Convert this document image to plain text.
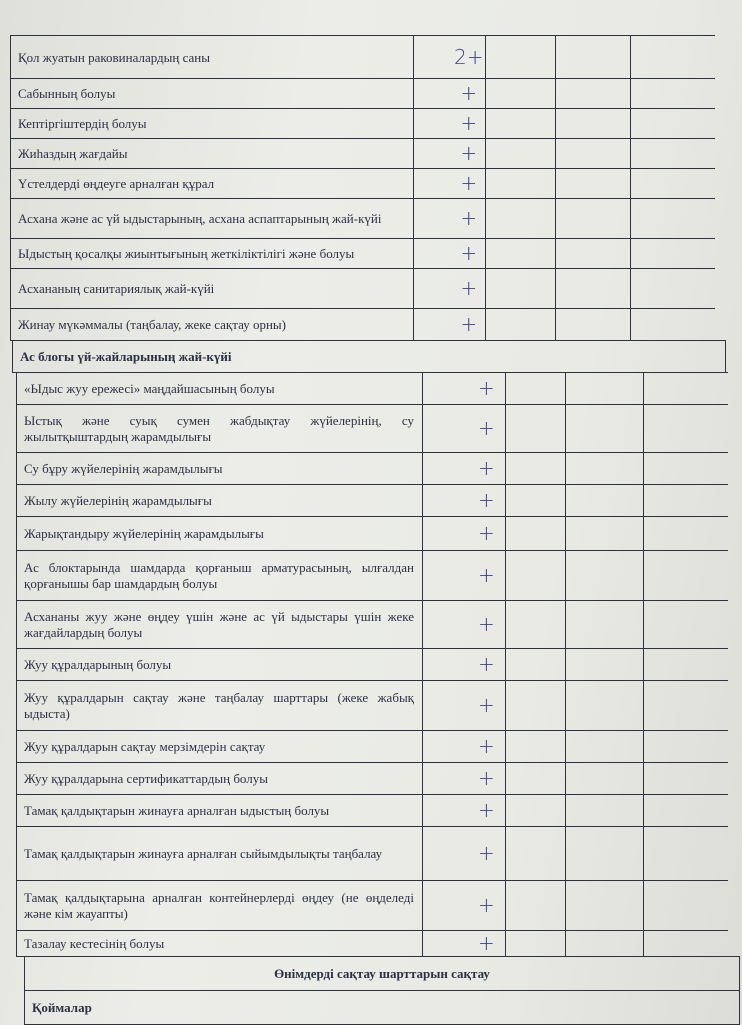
Қол жуатын раковиналардың саны	2+
Сабынның болуы	+
Кептіргіштердің болуы	+
Жиһаздың жағдайы	+
Үстелдерді өңдеуге арналған құрал	+
Асхана және ас үй ыдыстарының, асхана аспаптарының жай-күйі	+
Ыдыстың қосалқы жиынтығының жеткіліктілігі және болуы	+
Асхананың санитариялық жай-күйі	+
Жинау мүкәммалы (таңбалау, жеке сақтау орны)	+
Ас блогы үй-жайларының жай-күйі
«Ыдыс жуу ережесі» маңдайшасының болуы	+
Ыстық және суық сумен жабдықтау жүйелерінің, су жылытқыштардың жарамдылығы	+
Су бұру жүйелерінің жарамдылығы	+
Жылу жүйелерінің жарамдылығы	+
Жарықтандыру жүйелерінің жарамдылығы	+
Ас блоктарында шамдарда қорғаныш арматурасының, ылғалдан қорғанышы бар шамдардың болуы	+
Асхананы жуу және өңдеу үшін және ас үй ыдыстары үшін жеке жағдайлардың болуы	+
Жуу құралдарының болуы	+
Жуу құралдарын сақтау және таңбалау шарттары (жеке жабық ыдыста)	+
Жуу құралдарын сақтау мерзімдерін сақтау	+
Жуу құралдарына сертификаттардың болуы	+
Тамақ қалдықтарын жинауға арналған ыдыстың болуы	+
Тамақ қалдықтарын жинауға арналған сыйымдылықты таңбалау	+
Тамақ қалдықтарына арналған контейнерлерді өңдеу (не өңделеді және кім жауапты)	+
Тазалау кестесінің болуы	+
Өнімдерді сақтау шарттарын сақтау
Қоймалар
